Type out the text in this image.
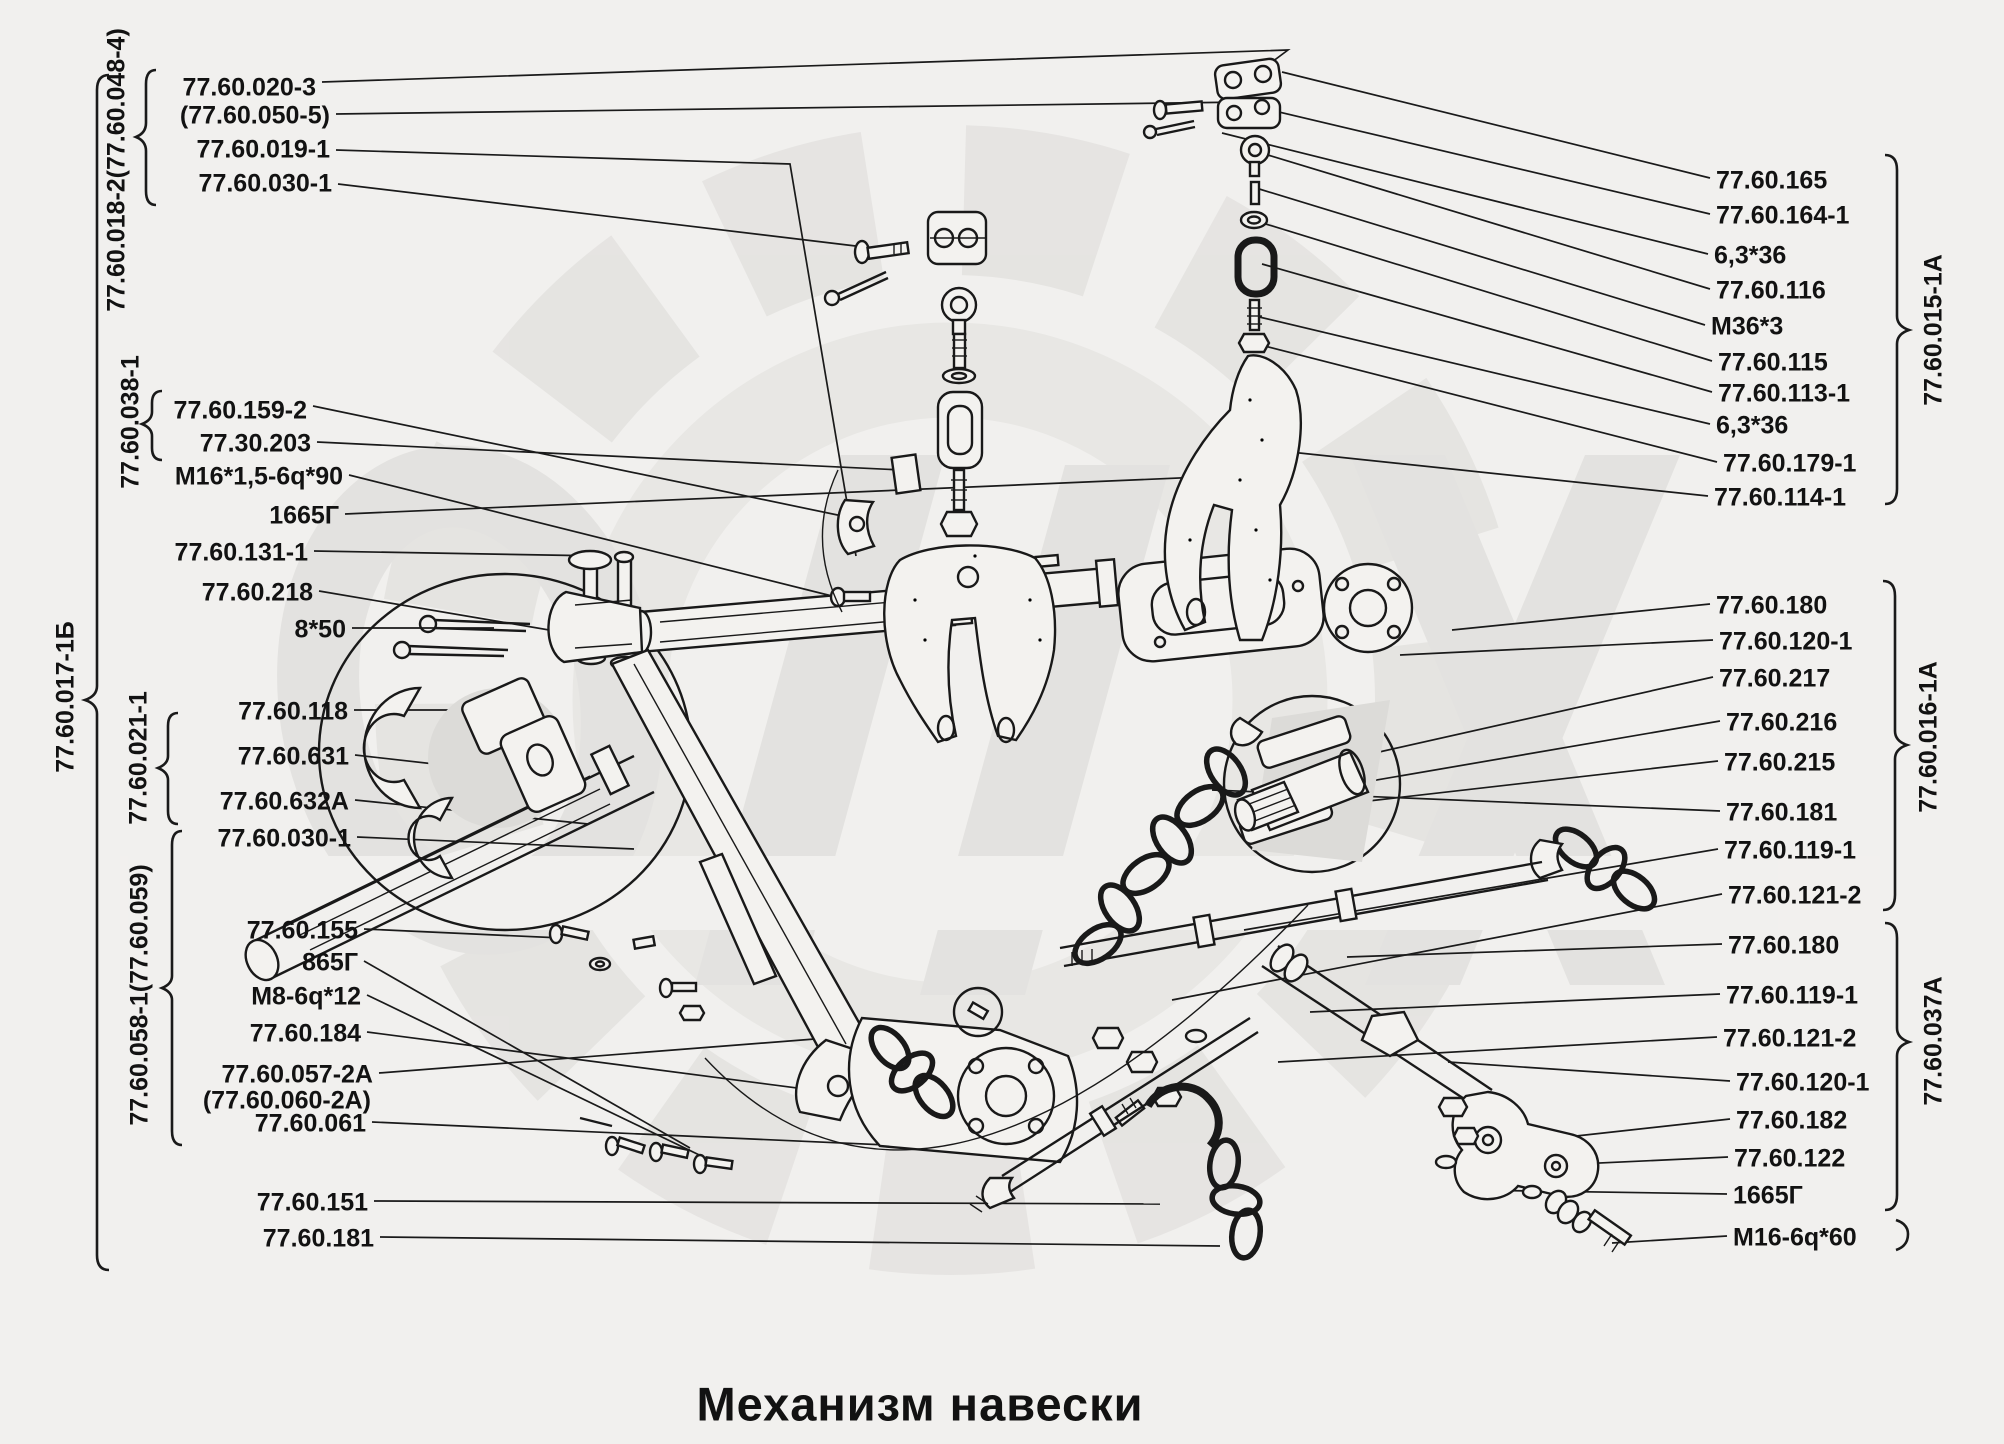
77.60.020-3
(77.60.050-5)
77.60.019-1
77.60.030-1
77.60.159-2
77.30.203
М16*1,5-6q*90
1665Г
77.60.131-1
77.60.218
8*50
77.60.118
77.60.631
77.60.632А
77.60.030-1
77.60.155
865Г
М8-6q*12
77.60.184
77.60.057-2А
(77.60.060-2А)
77.60.061
77.60.151
77.60.181
77.60.018-2(77.60.048-4)
77.60.017-1Б
77.60.038-1
77.60.021-1
77.60.058-1(77.60.059)
77.60.165
77.60.164-1
6,3*36
77.60.116
М36*3
77.60.115
77.60.113-1
6,3*36
77.60.179-1
77.60.114-1
77.60.180
77.60.120-1
77.60.217
77.60.216
77.60.215
77.60.181
77.60.119-1
77.60.121-2
77.60.180
77.60.119-1
77.60.121-2
77.60.120-1
77.60.182
77.60.122
1665Г
М16-6q*60
77.60.015-1А
77.60.016-1А
77.60.037А
Механизм навески
